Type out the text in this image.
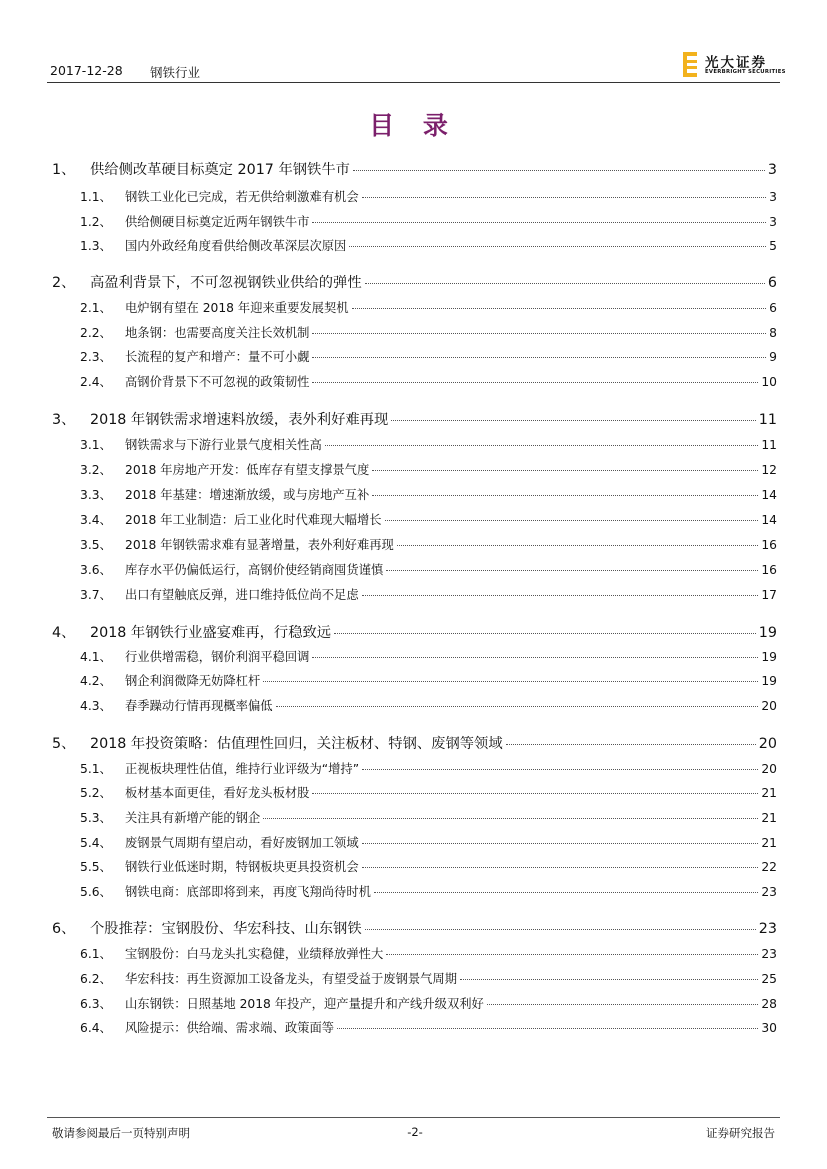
2017-12-28 钢铁行业
光大证券
EVERBRIGHT SECURITIES
目 录
1、	供给侧改革硬目标奠定 2017 年钢铁牛市	3
1.1、	钢铁工业化已完成，若无供给刺激难有机会	3
1.2、	供给侧硬目标奠定近两年钢铁牛市	3
1.3、	国内外政经角度看供给侧改革深层次原因	5
2、	高盈利背景下，不可忽视钢铁业供给的弹性	6
2.1、	电炉钢有望在 2018 年迎来重要发展契机	6
2.2、	地条钢：也需要高度关注长效机制	8
2.3、	长流程的复产和增产：量不可小觑	9
2.4、	高钢价背景下不可忽视的政策韧性	10
3、	2018 年钢铁需求增速料放缓，表外利好难再现	11
3.1、	钢铁需求与下游行业景气度相关性高	11
3.2、	2018 年房地产开发：低库存有望支撑景气度	12
3.3、	2018 年基建：增速渐放缓，或与房地产互补	14
3.4、	2018 年工业制造：后工业化时代难现大幅增长	14
3.5、	2018 年钢铁需求难有显著增量，表外利好难再现	16
3.6、	库存水平仍偏低运行，高钢价使经销商囤货谨慎	16
3.7、	出口有望触底反弹，进口维持低位尚不足虑	17
4、	2018 年钢铁行业盛宴难再，行稳致远	19
4.1、	行业供增需稳，钢价利润平稳回调	19
4.2、	钢企利润微降无妨降杠杆	19
4.3、	春季躁动行情再现概率偏低	20
5、	2018 年投资策略：估值理性回归，关注板材、特钢、废钢等领域	20
5.1、	正视板块理性估值，维持行业评级为“增持”	20
5.2、	板材基本面更佳，看好龙头板材股	21
5.3、	关注具有新增产能的钢企	21
5.4、	废钢景气周期有望启动，看好废钢加工领域	21
5.5、	钢铁行业低迷时期，特钢板块更具投资机会	22
5.6、	钢铁电商：底部即将到来，再度飞翔尚待时机	23
6、	个股推荐：宝钢股份、华宏科技、山东钢铁	23
6.1、	宝钢股份：白马龙头扎实稳健，业绩释放弹性大	23
6.2、	华宏科技：再生资源加工设备龙头，有望受益于废钢景气周期	25
6.3、	山东钢铁：日照基地 2018 年投产，迎产量提升和产线升级双利好	28
6.4、	风险提示：供给端、需求端、政策面等	30
敬请参阅最后一页特别声明	-2-	证券研究报告
